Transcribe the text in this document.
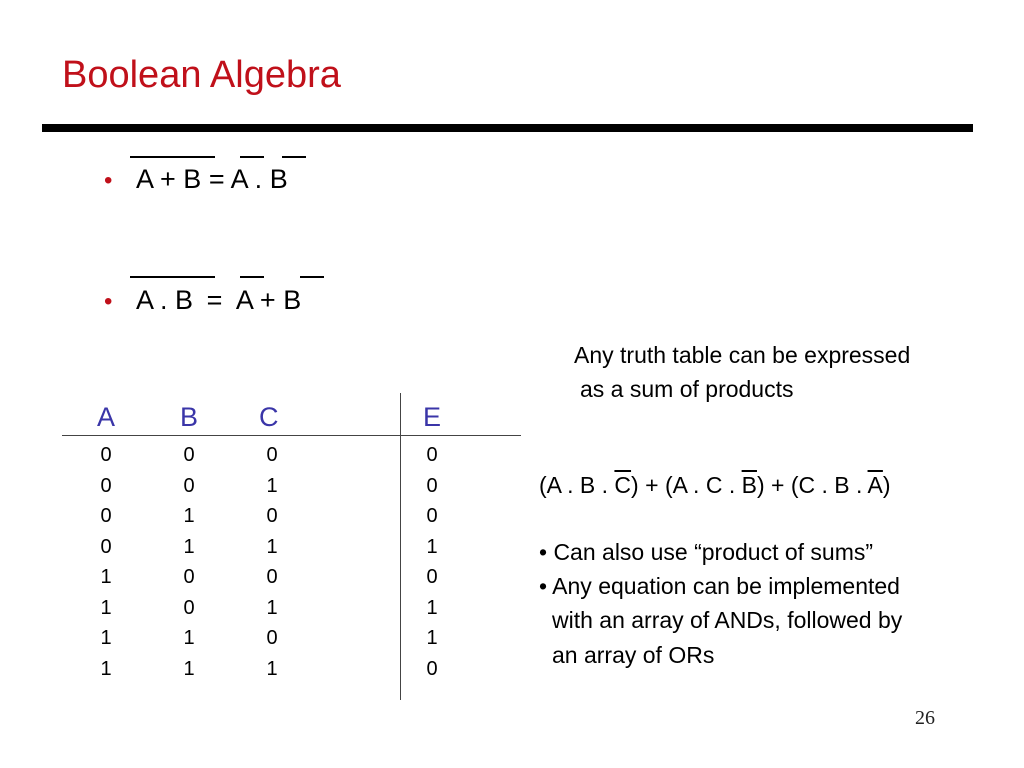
Boolean Algebra
• A + B = A . B
• A . B = A + B
A B C	E
0	0	0	0
0	0	1	0
0	1	0	0
0	1	1	1
1	0	0	0
1	0	1	1
1	1	0	1
1	1	1	0
Any truth table can be expressed
as a sum of products
(A . B . $\overline{C}) + (A$ . C . $\overline{B}) + (C$ . B . $\overline{A}$)
• Can also use “product of sums”
• Any equation can be implemented
with an array of ANDs, followed by
an array of ORs
26
